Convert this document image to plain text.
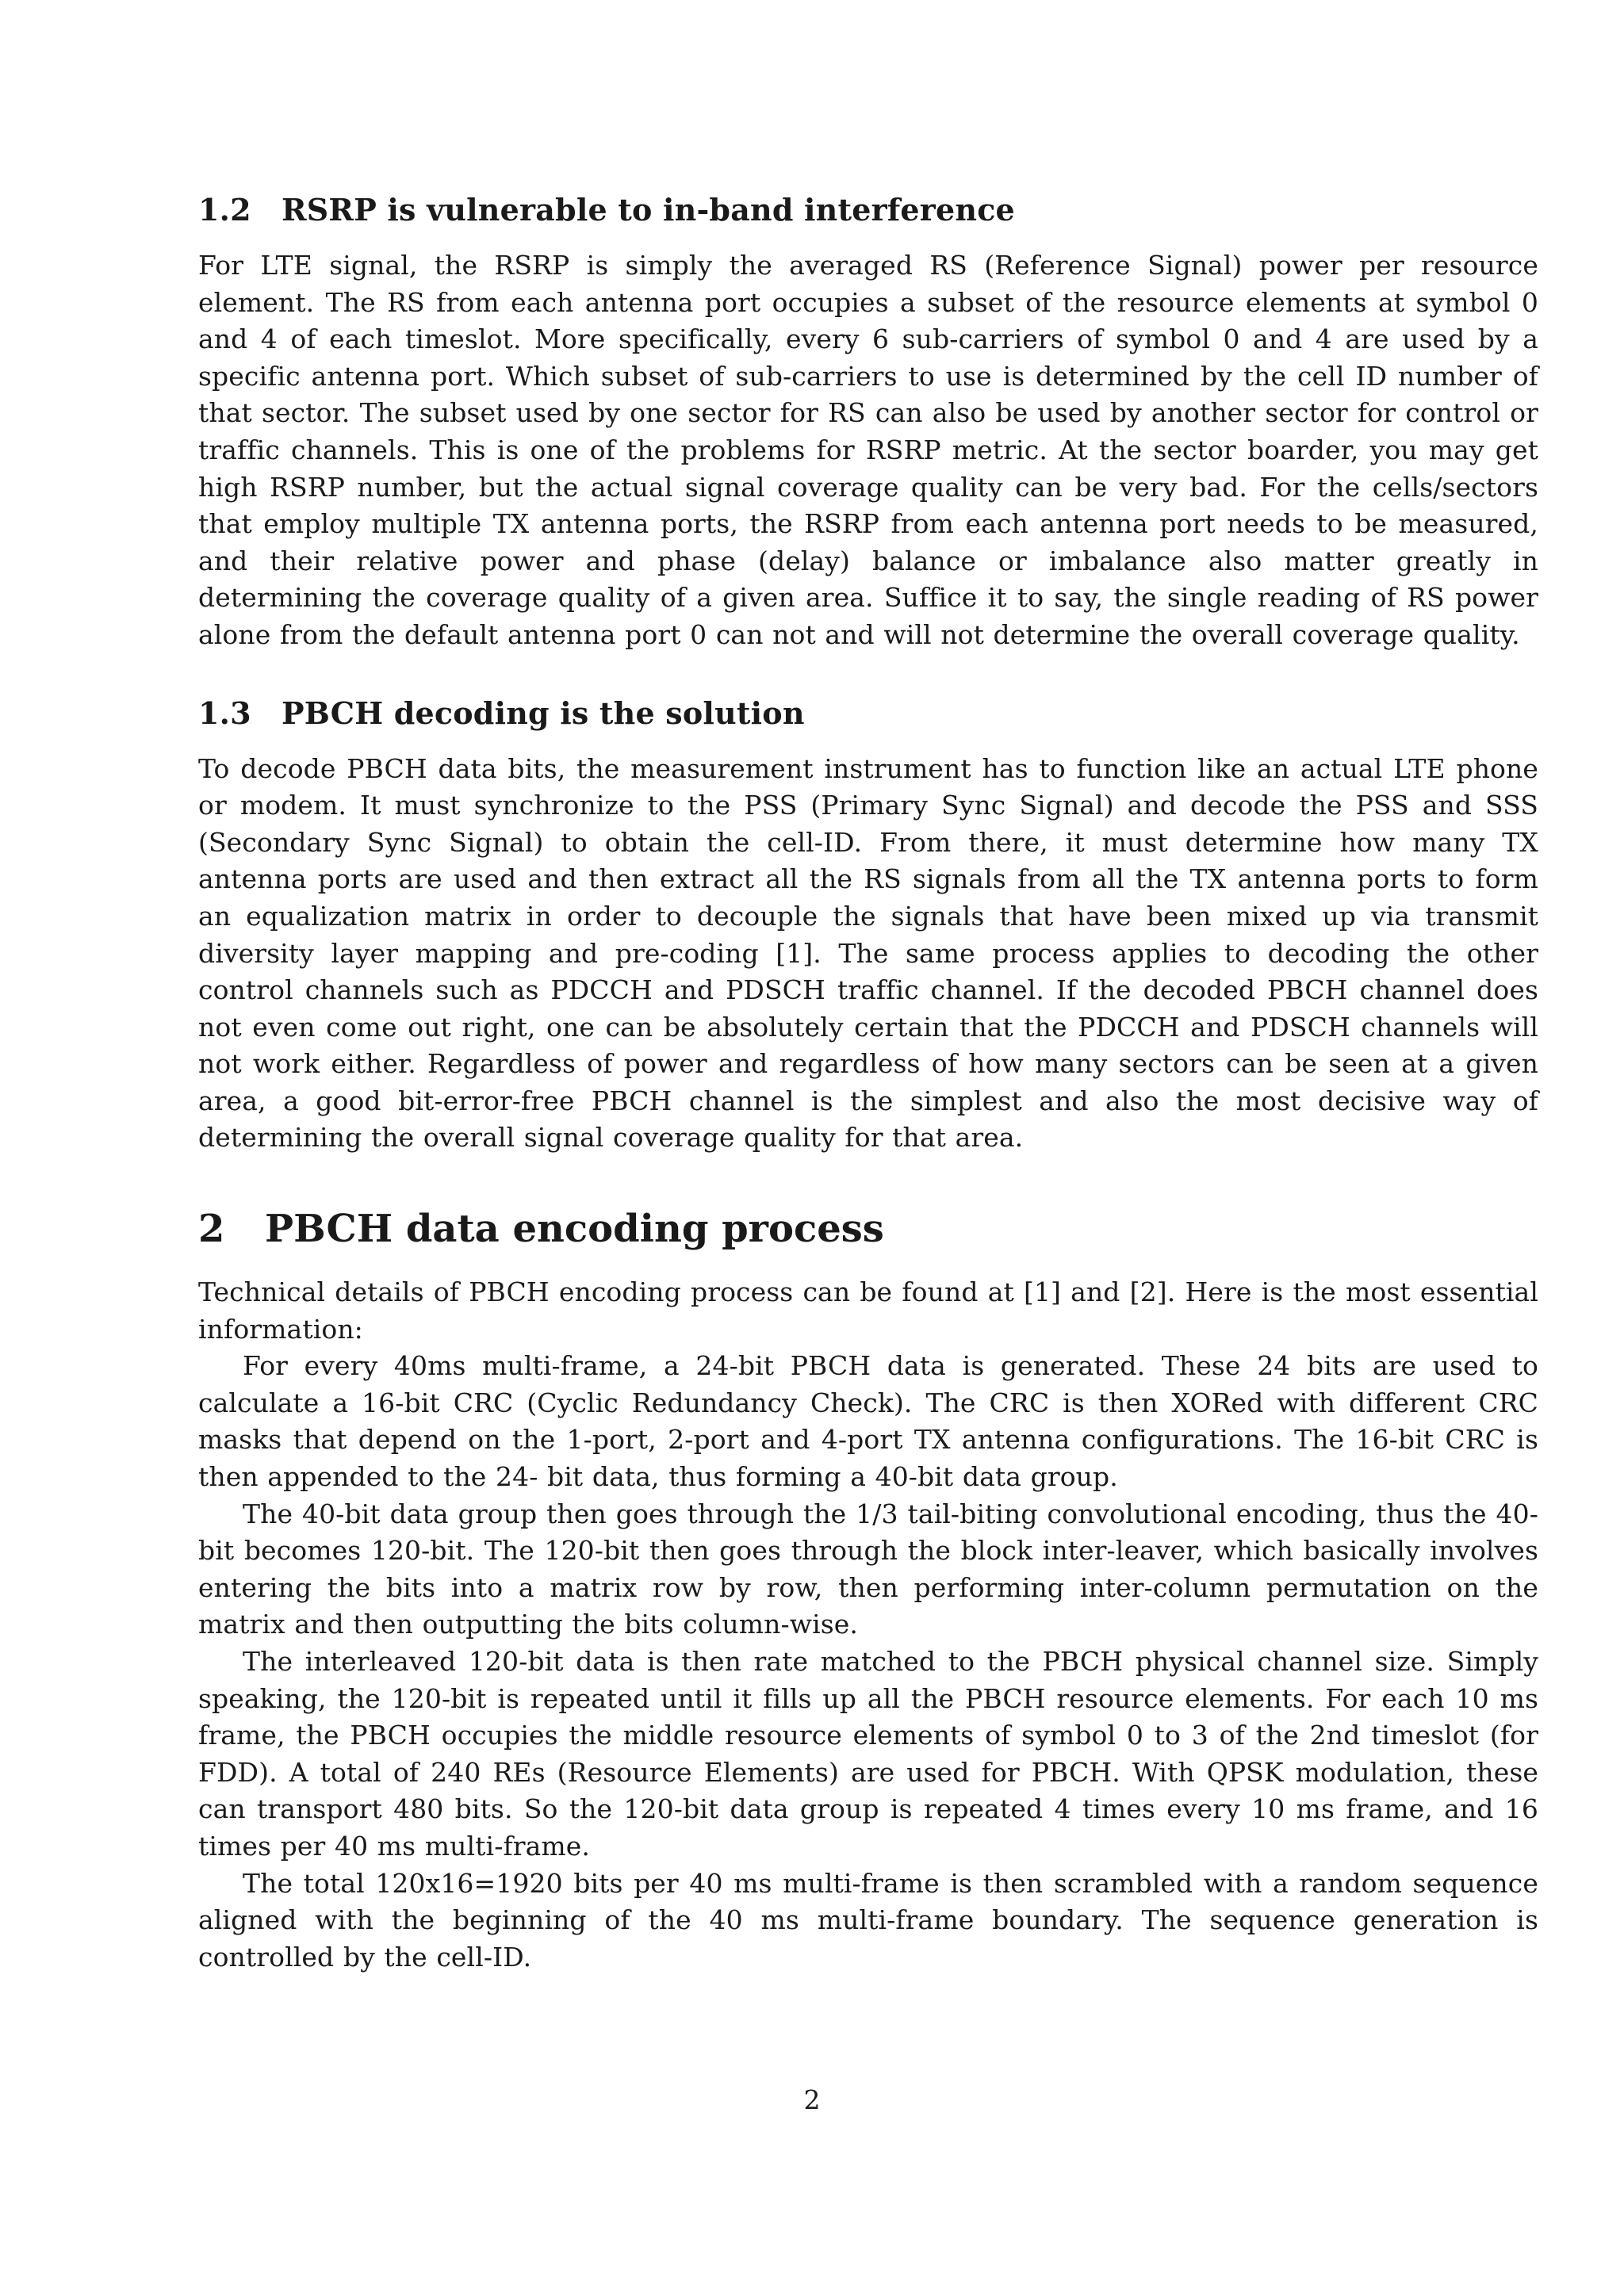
1.2 RSRP is vulnerable to in-band interference

For LTE signal, the RSRP is simply the averaged RS (Reference Signal) power per resource element. The RS from each antenna port occupies a subset of the resource elements at symbol 0 and 4 of each timeslot. More specifically, every 6 sub-carriers of symbol 0 and 4 are used by a specific antenna port. Which subset of sub-carriers to use is determined by the cell ID number of that sector. The subset used by one sector for RS can also be used by another sector for control or traffic channels. This is one of the problems for RSRP metric. At the sector boarder, you may get high RSRP number, but the actual signal coverage quality can be very bad. For the cells/sectors that employ multiple TX antenna ports, the RSRP from each antenna port needs to be measured, and their relative power and phase (delay) balance or imbalance also matter greatly in determining the coverage quality of a given area. Suffice it to say, the single reading of RS power alone from the default antenna port 0 can not and will not determine the overall coverage quality.

1.3 PBCH decoding is the solution

To decode PBCH data bits, the measurement instrument has to function like an actual LTE phone or modem. It must synchronize to the PSS (Primary Sync Signal) and decode the PSS and SSS (Secondary Sync Signal) to obtain the cell-ID. From there, it must determine how many TX antenna ports are used and then extract all the RS signals from all the TX antenna ports to form an equalization matrix in order to decouple the signals that have been mixed up via transmit diversity layer mapping and pre-coding [1]. The same process applies to decoding the other control channels such as PDCCH and PDSCH traffic channel. If the decoded PBCH channel does not even come out right, one can be absolutely certain that the PDCCH and PDSCH channels will not work either. Regardless of power and regardless of how many sectors can be seen at a given area, a good bit-error-free PBCH channel is the simplest and also the most decisive way of determining the overall signal coverage quality for that area.

2 PBCH data encoding process

Technical details of PBCH encoding process can be found at [1] and [2]. Here is the most essential information:

For every 40ms multi-frame, a 24-bit PBCH data is generated. These 24 bits are used to calculate a 16-bit CRC (Cyclic Redundancy Check). The CRC is then XORed with different CRC masks that depend on the 1-port, 2-port and 4-port TX antenna configurations. The 16-bit CRC is then appended to the 24- bit data, thus forming a 40-bit data group.

The 40-bit data group then goes through the 1/3 tail-biting convolutional encoding, thus the 40-bit becomes 120-bit. The 120-bit then goes through the block inter-leaver, which basically involves entering the bits into a matrix row by row, then performing inter-column permutation on the matrix and then outputting the bits column-wise.

The interleaved 120-bit data is then rate matched to the PBCH physical channel size. Simply speaking, the 120-bit is repeated until it fills up all the PBCH resource elements. For each 10 ms frame, the PBCH occupies the middle resource elements of symbol 0 to 3 of the 2nd timeslot (for FDD). A total of 240 REs (Resource Elements) are used for PBCH. With QPSK modulation, these can transport 480 bits. So the 120-bit data group is repeated 4 times every 10 ms frame, and 16 times per 40 ms multi-frame.

The total 120x16=1920 bits per 40 ms multi-frame is then scrambled with a random sequence aligned with the beginning of the 40 ms multi-frame boundary. The sequence generation is controlled by the cell-ID.

2
